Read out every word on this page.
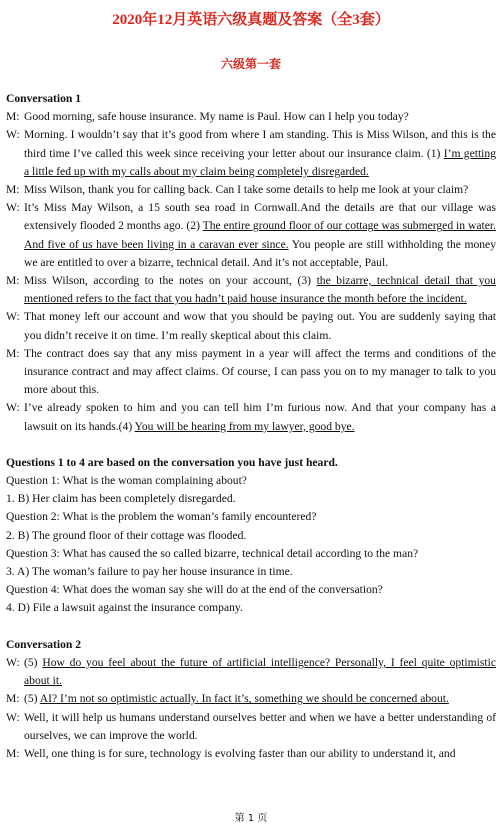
2020年12月英语六级真题及答案（全3套）
六级第一套

Conversation 1

M: Good morning, safe house insurance. My name is Paul. How can I help you today?
W: Morning. I wouldn’t say that it’s good from where I am standing. This is Miss Wilson, and this is the third time I’ve called this week since receiving your letter about our insurance claim. (1) I’m getting a little fed up with my calls about my claim being completely disregarded.
M: Miss Wilson, thank you for calling back. Can I take some details to help me look at your claim?
W: It’s Miss May Wilson, a 15 south sea road in Cornwall.And the details are that our village was extensively flooded 2 months ago. (2) The entire ground floor of our cottage was submerged in water. And five of us have been living in a caravan ever since. You people are still withholding the money we are entitled to over a bizarre, technical detail. And it’s not acceptable, Paul.
M: Miss Wilson, according to the notes on your account, (3) the bizarre, technical detail that you mentioned refers to the fact that you hadn’t paid house insurance the month before the incident.
W: That money left our account and wow that you should be paying out. You are suddenly saying that you didn’t receive it on time. I’m really skeptical about this claim.
M: The contract does say that any miss payment in a year will affect the terms and conditions of the insurance contract and may affect claims. Of course, I can pass you on to my manager to talk to you more about this.
W: I’ve already spoken to him and you can tell him I’m furious now. And that your company has a lawsuit on its hands.(4) You will be hearing from my lawyer, good bye.

Questions 1 to 4 are based on the conversation you have just heard.

Question 1: What is the woman complaining about?

1. B) Her claim has been completely disregarded.

Question 2: What is the problem the woman’s family encountered?

2. B) The ground floor of their cottage was flooded.

Question 3: What has caused the so called bizarre, technical detail according to the man?

3. A) The woman’s failure to pay her house insurance in time.

Question 4: What does the woman say she will do at the end of the conversation?

4. D) File a lawsuit against the insurance company.

Conversation 2

W: (5) How do you feel about the future of artificial intelligence? Personally, I feel quite optimistic about it.
M: (5) AI? I’m not so optimistic actually. In fact it’s, something we should be concerned about.
W: Well, it will help us humans understand ourselves better and when we have a better understanding of ourselves, we can improve the world.
M: Well, one thing is for sure, technology is evolving faster than our ability to understand it, and
第 1 页
